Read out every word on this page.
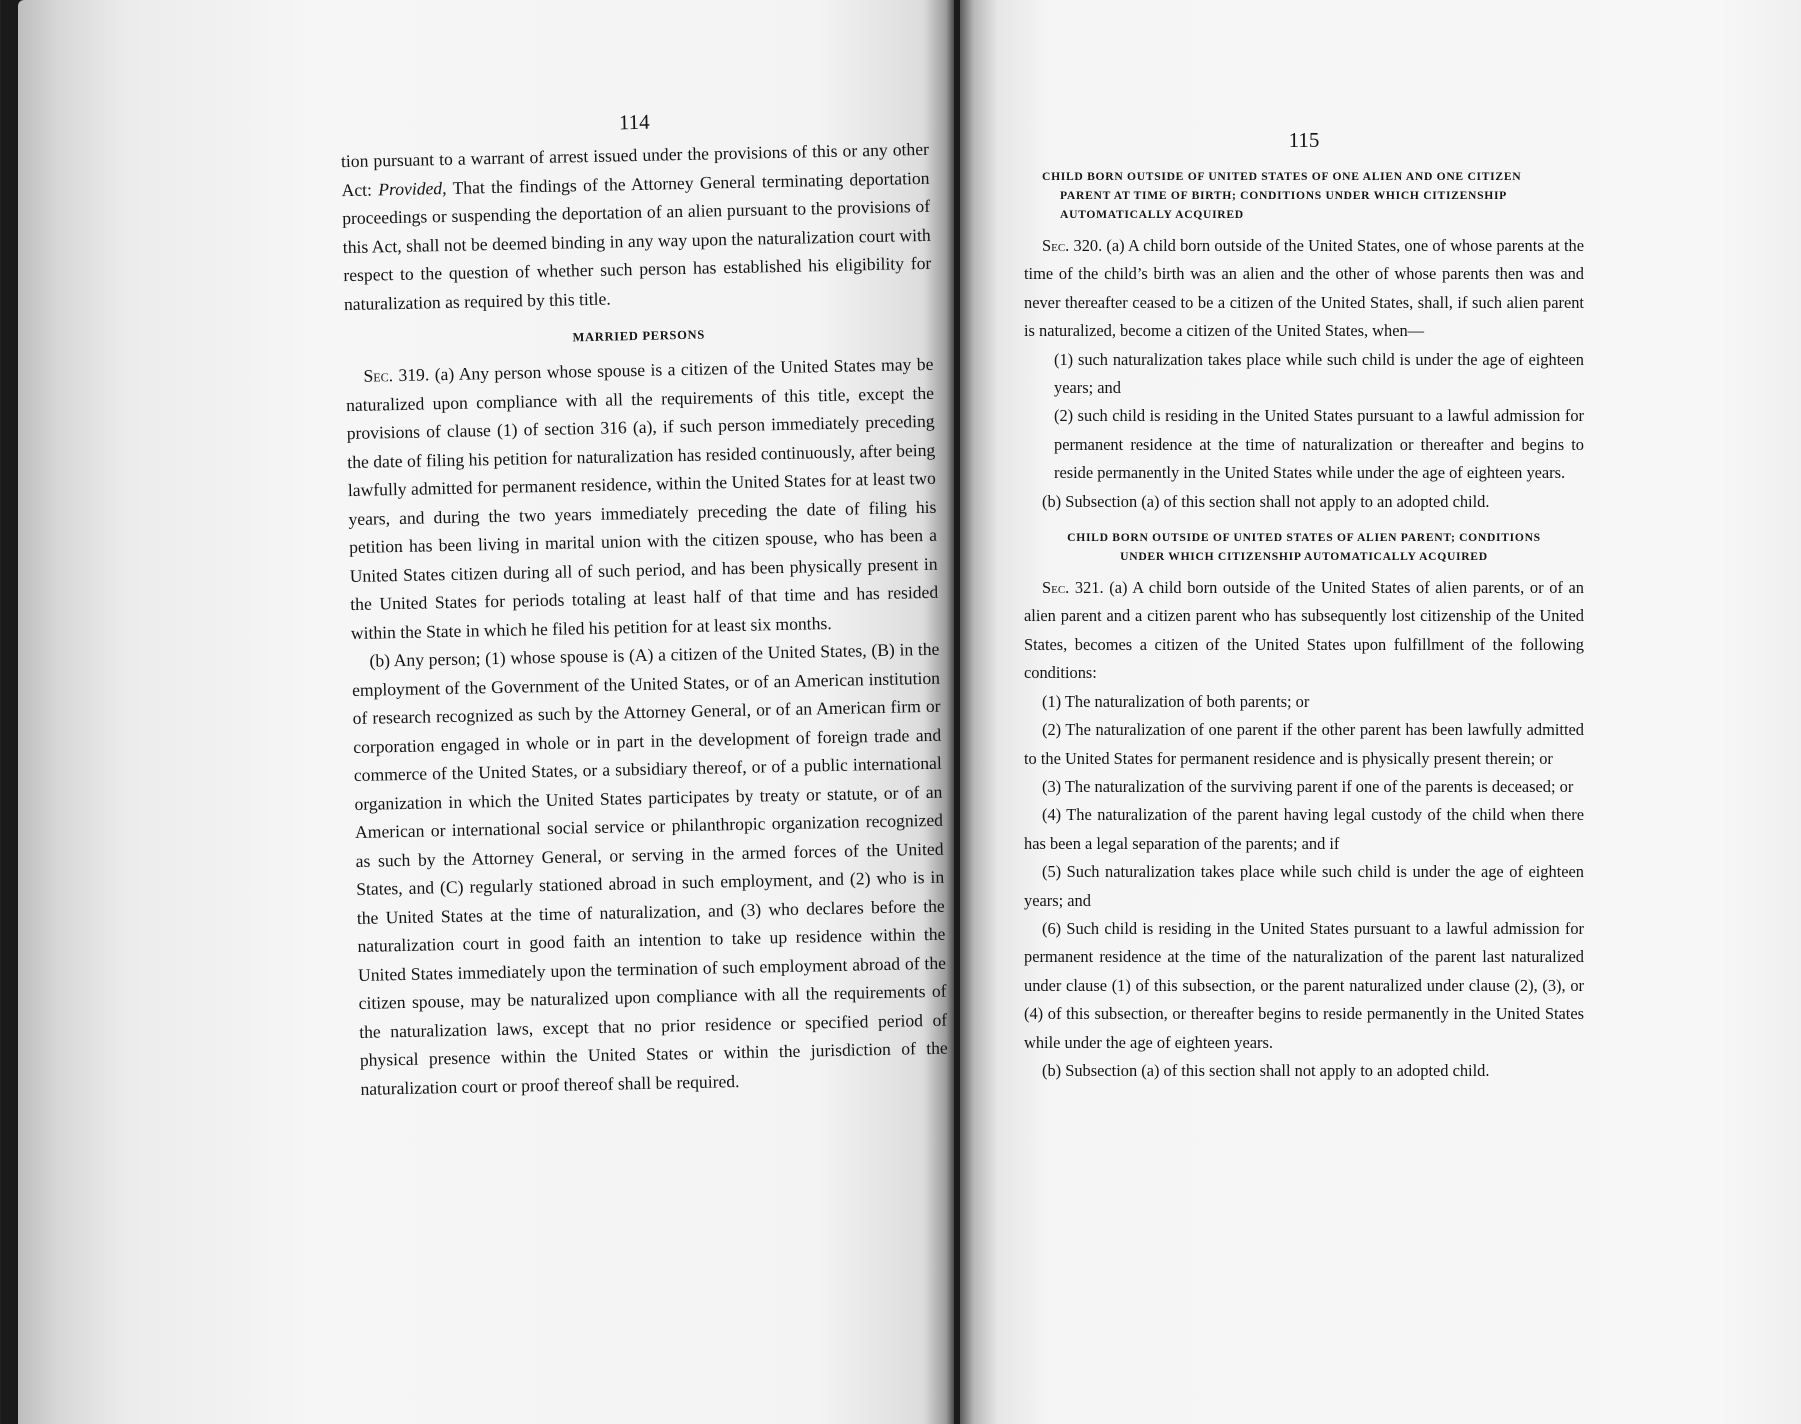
114

tion pursuant to a warrant of arrest issued under the provisions of this or any other Act: Provided, That the findings of the Attorney General terminating deportation proceedings or suspending the deportation of an alien pursuant to the provisions of this Act, shall not be deemed binding in any way upon the naturalization court with respect to the question of whether such person has established his eligibility for naturalization as required by this title.

MARRIED PERSONS

Sec. 319. (a) Any person whose spouse is a citizen of the United States may be naturalized upon compliance with all the requirements of this title, except the provisions of clause (1) of section 316 (a), if such person immediately preceding the date of filing his petition for naturalization has resided continuously, after being lawfully admitted for permanent residence, within the United States for at least two years, and during the two years immediately preceding the date of filing his petition has been living in marital union with the citizen spouse, who has been a United States citizen during all of such period, and has been physically present in the United States for periods totaling at least half of that time and has resided within the State in which he filed his petition for at least six months.

(b) Any person; (1) whose spouse is (A) a citizen of the United States, (B) in the employment of the Government of the United States, or of an American institution of research recognized as such by the Attorney General, or of an American firm or corporation engaged in whole or in part in the development of foreign trade and commerce of the United States, or a subsidiary thereof, or of a public international organization in which the United States participates by treaty or statute, or of an American or international social service or philanthropic organization recognized as such by the Attorney General, or serving in the armed forces of the United States, and (C) regularly stationed abroad in such employment, and (2) who is in the United States at the time of naturalization, and (3) who declares before the naturalization court in good faith an intention to take up residence within the United States immediately upon the termination of such employment abroad of the citizen spouse, may be naturalized upon compliance with all the requirements of the naturalization laws, except that no prior residence or specified period of physical presence within the United States or within the jurisdiction of the naturalization court or proof thereof shall be required.

115
CHILD BORN OUTSIDE OF UNITED STATES OF ONE ALIEN AND ONE CITIZEN
PARENT AT TIME OF BIRTH; CONDITIONS UNDER WHICH CITIZENSHIP
AUTOMATICALLY ACQUIRED

Sec. 320. (a) A child born outside of the United States, one of whose parents at the time of the child’s birth was an alien and the other of whose parents then was and never thereafter ceased to be a citizen of the United States, shall, if such alien parent is naturalized, become a citizen of the United States, when—

(1) such naturalization takes place while such child is under the age of eighteen years; and

(2) such child is residing in the United States pursuant to a lawful admission for permanent residence at the time of naturalization or thereafter and begins to reside permanently in the United States while under the age of eighteen years.

(b) Subsection (a) of this section shall not apply to an adopted child.

CHILD BORN OUTSIDE OF UNITED STATES OF ALIEN PARENT; CONDITIONS
UNDER WHICH CITIZENSHIP AUTOMATICALLY ACQUIRED

Sec. 321. (a) A child born outside of the United States of alien parents, or of an alien parent and a citizen parent who has subsequently lost citizenship of the United States, becomes a citizen of the United States upon fulfillment of the following conditions:

(1) The naturalization of both parents; or

(2) The naturalization of one parent if the other parent has been lawfully admitted to the United States for permanent residence and is physically present therein; or

(3) The naturalization of the surviving parent if one of the parents is deceased; or

(4) The naturalization of the parent having legal custody of the child when there has been a legal separation of the parents; and if

(5) Such naturalization takes place while such child is under the age of eighteen years; and

(6) Such child is residing in the United States pursuant to a lawful admission for permanent residence at the time of the naturalization of the parent last naturalized under clause (1) of this subsection, or the parent naturalized under clause (2), (3), or (4) of this subsection, or thereafter begins to reside permanently in the United States while under the age of eighteen years.

(b) Subsection (a) of this section shall not apply to an adopted child.
